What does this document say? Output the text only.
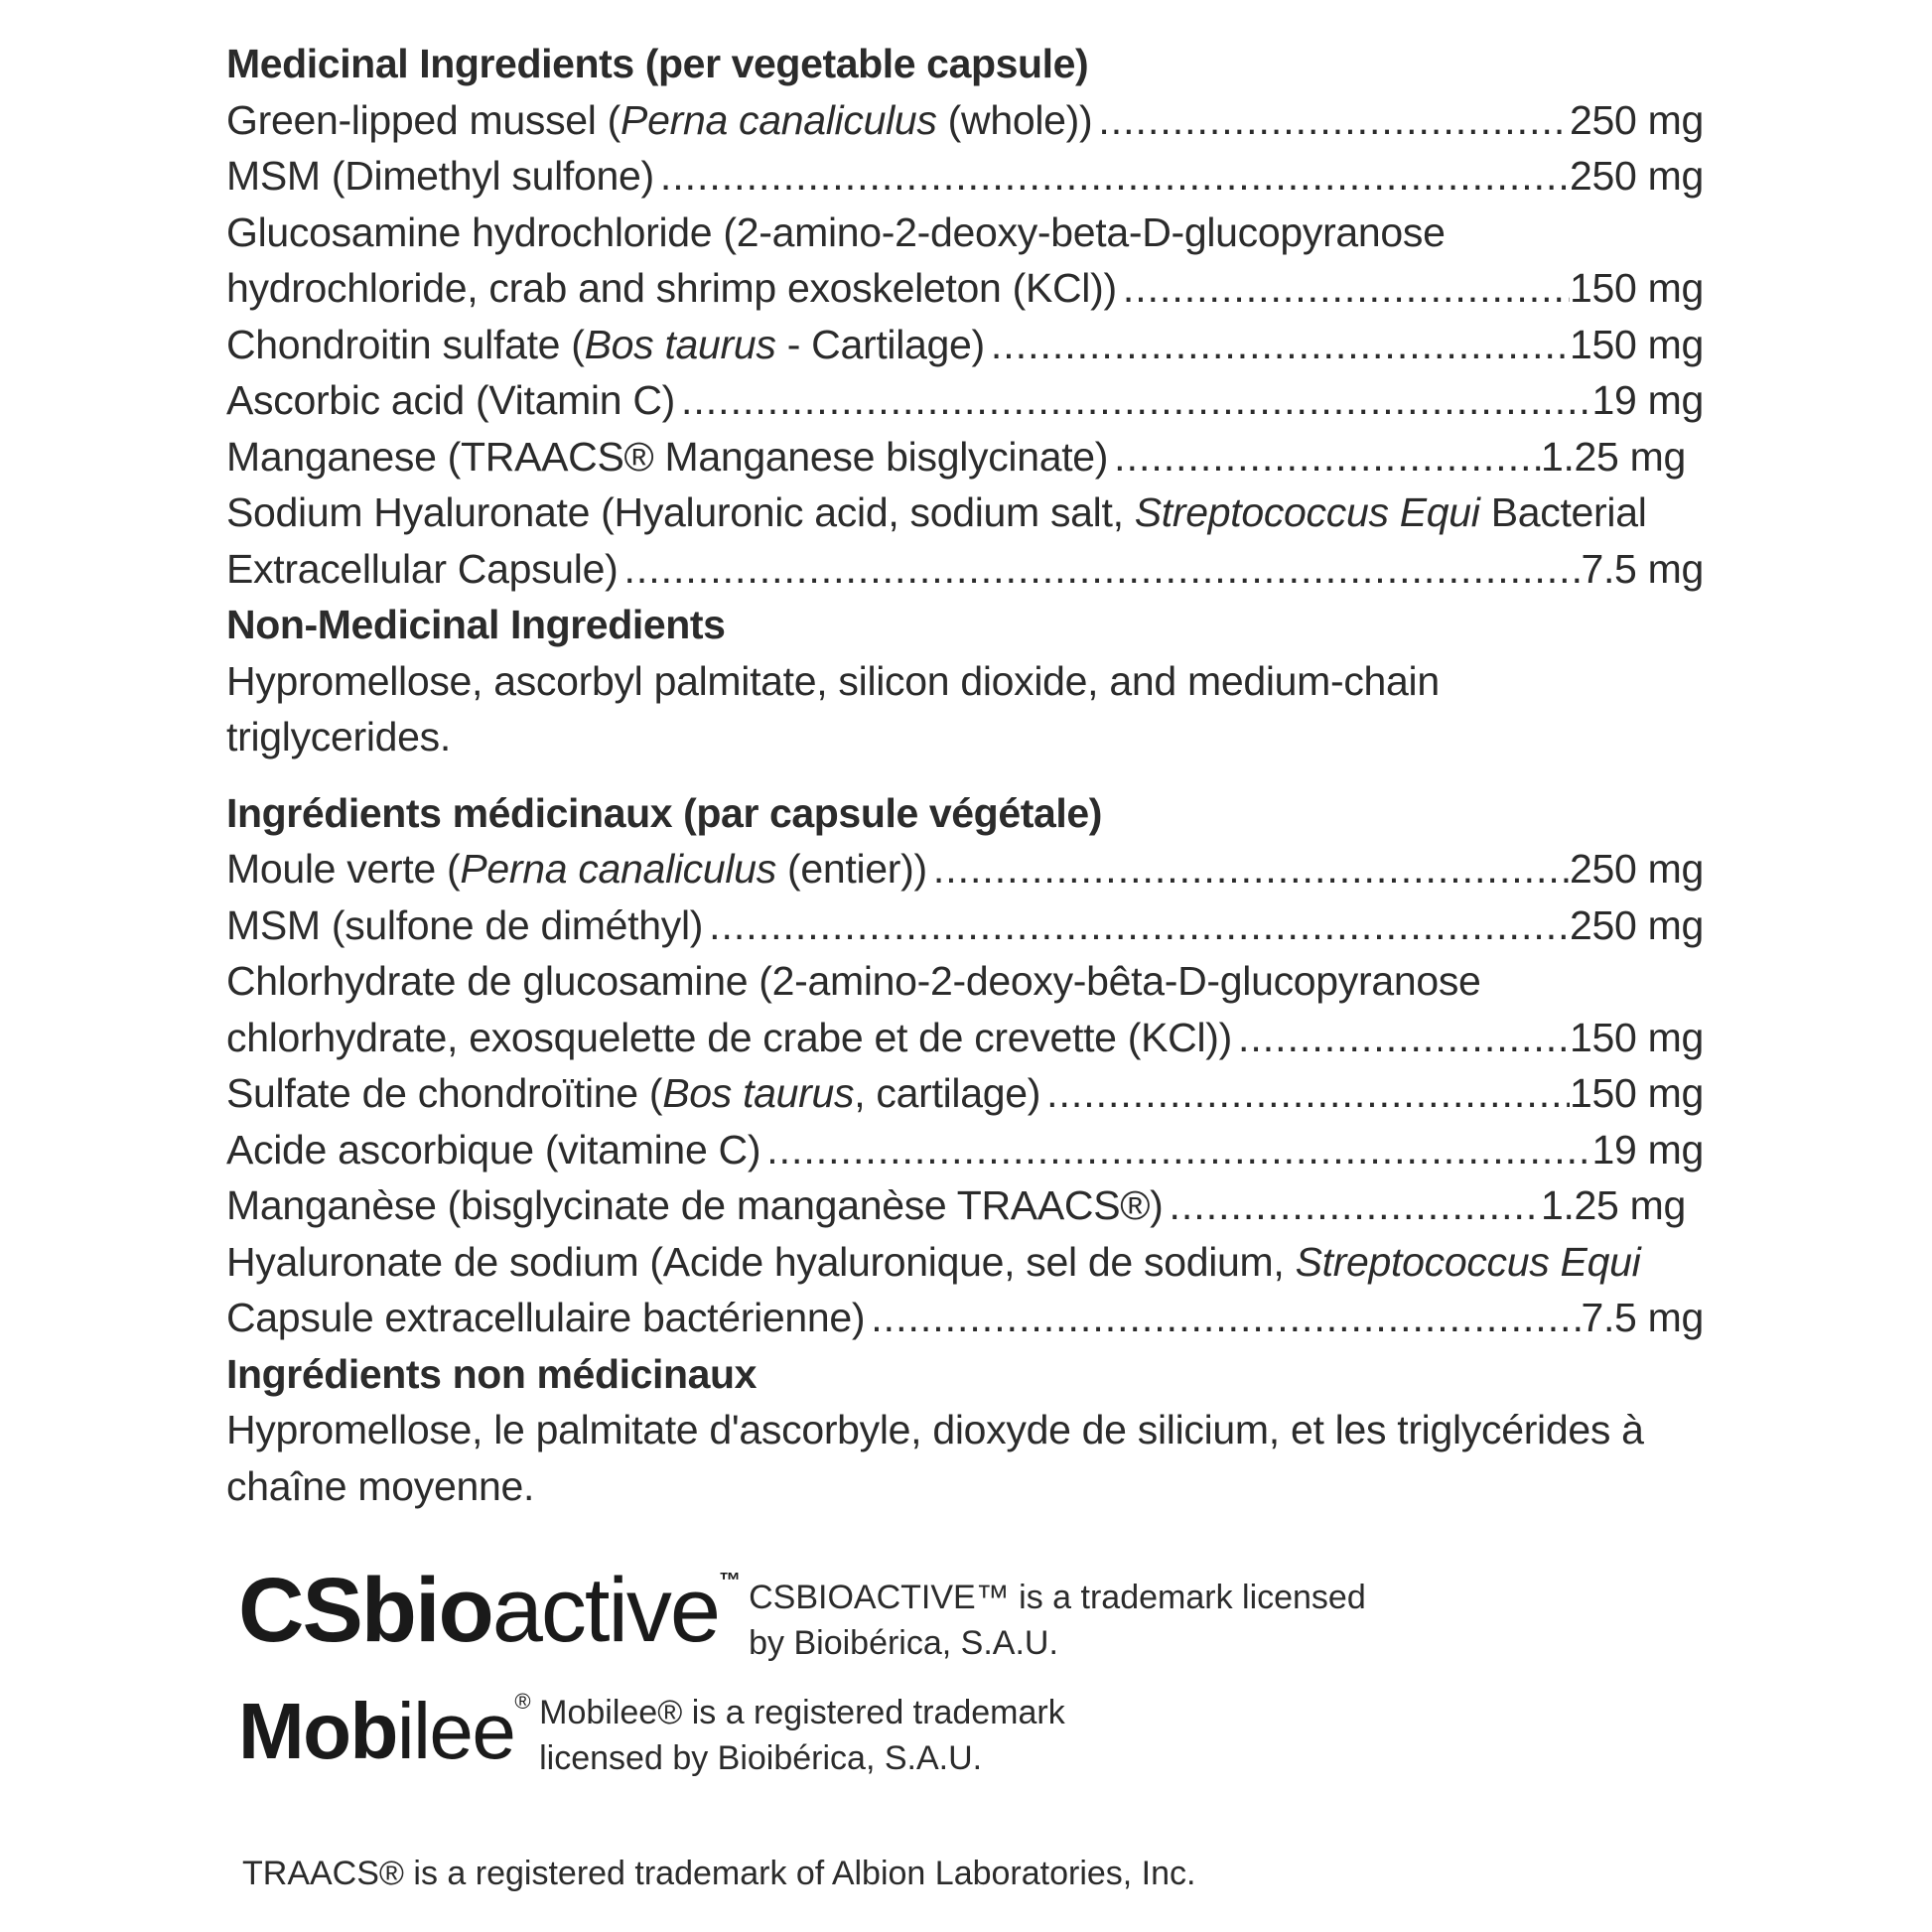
Medicinal Ingredients (per vegetable capsule)
Green-lipped mussel (Perna canaliculus (whole)) .....	250 mg
MSM (Dimethyl sulfone) .....	250 mg
Glucosamine hydrochloride (2-amino-2-deoxy-beta-D-glucopyranose
hydrochloride, crab and shrimp exoskeleton (KCl)) .....	150 mg
Chondroitin sulfate (Bos taurus - Cartilage) .....	150 mg
Ascorbic acid (Vitamin C) .....	19 mg
Manganese (TRAACS® Manganese bisglycinate) .....	1.25 mg
Sodium Hyaluronate (Hyaluronic acid, sodium salt, Streptococcus Equi Bacterial
Extracellular Capsule) .....	7.5 mg
Non-Medicinal Ingredients
Hypromellose, ascorbyl palmitate, silicon dioxide, and medium-chain
triglycerides.
Ingrédients médicinaux (par capsule végétale)
Moule verte (Perna canaliculus (entier)) .....	250 mg
MSM (sulfone de diméthyl) .....	250 mg
Chlorhydrate de glucosamine (2-amino-2-deoxy-bêta-D-glucopyranose
chlorhydrate, exosquelette de crabe et de crevette (KCl)) .....	150 mg
Sulfate de chondroïtine (Bos taurus, cartilage) .....	150 mg
Acide ascorbique (vitamine C) .....	19 mg
Manganèse (bisglycinate de manganèse TRAACS®) .....	1.25 mg
Hyaluronate de sodium (Acide hyaluronique, sel de sodium, Streptococcus Equi
Capsule extracellulaire bactérienne) .....	7.5 mg
Ingrédients non médicinaux
Hypromellose, le palmitate d'ascorbyle, dioxyde de silicium, et les triglycérides à
chaîne moyenne.
CSbioactive™ CSBIOACTIVE™ is a trademark licensed
by Bioibérica, S.A.U.
Mobilee® Mobilee® is a registered trademark
licensed by Bioibérica, S.A.U.
TRAACS® is a registered trademark of Albion Laboratories, Inc.
